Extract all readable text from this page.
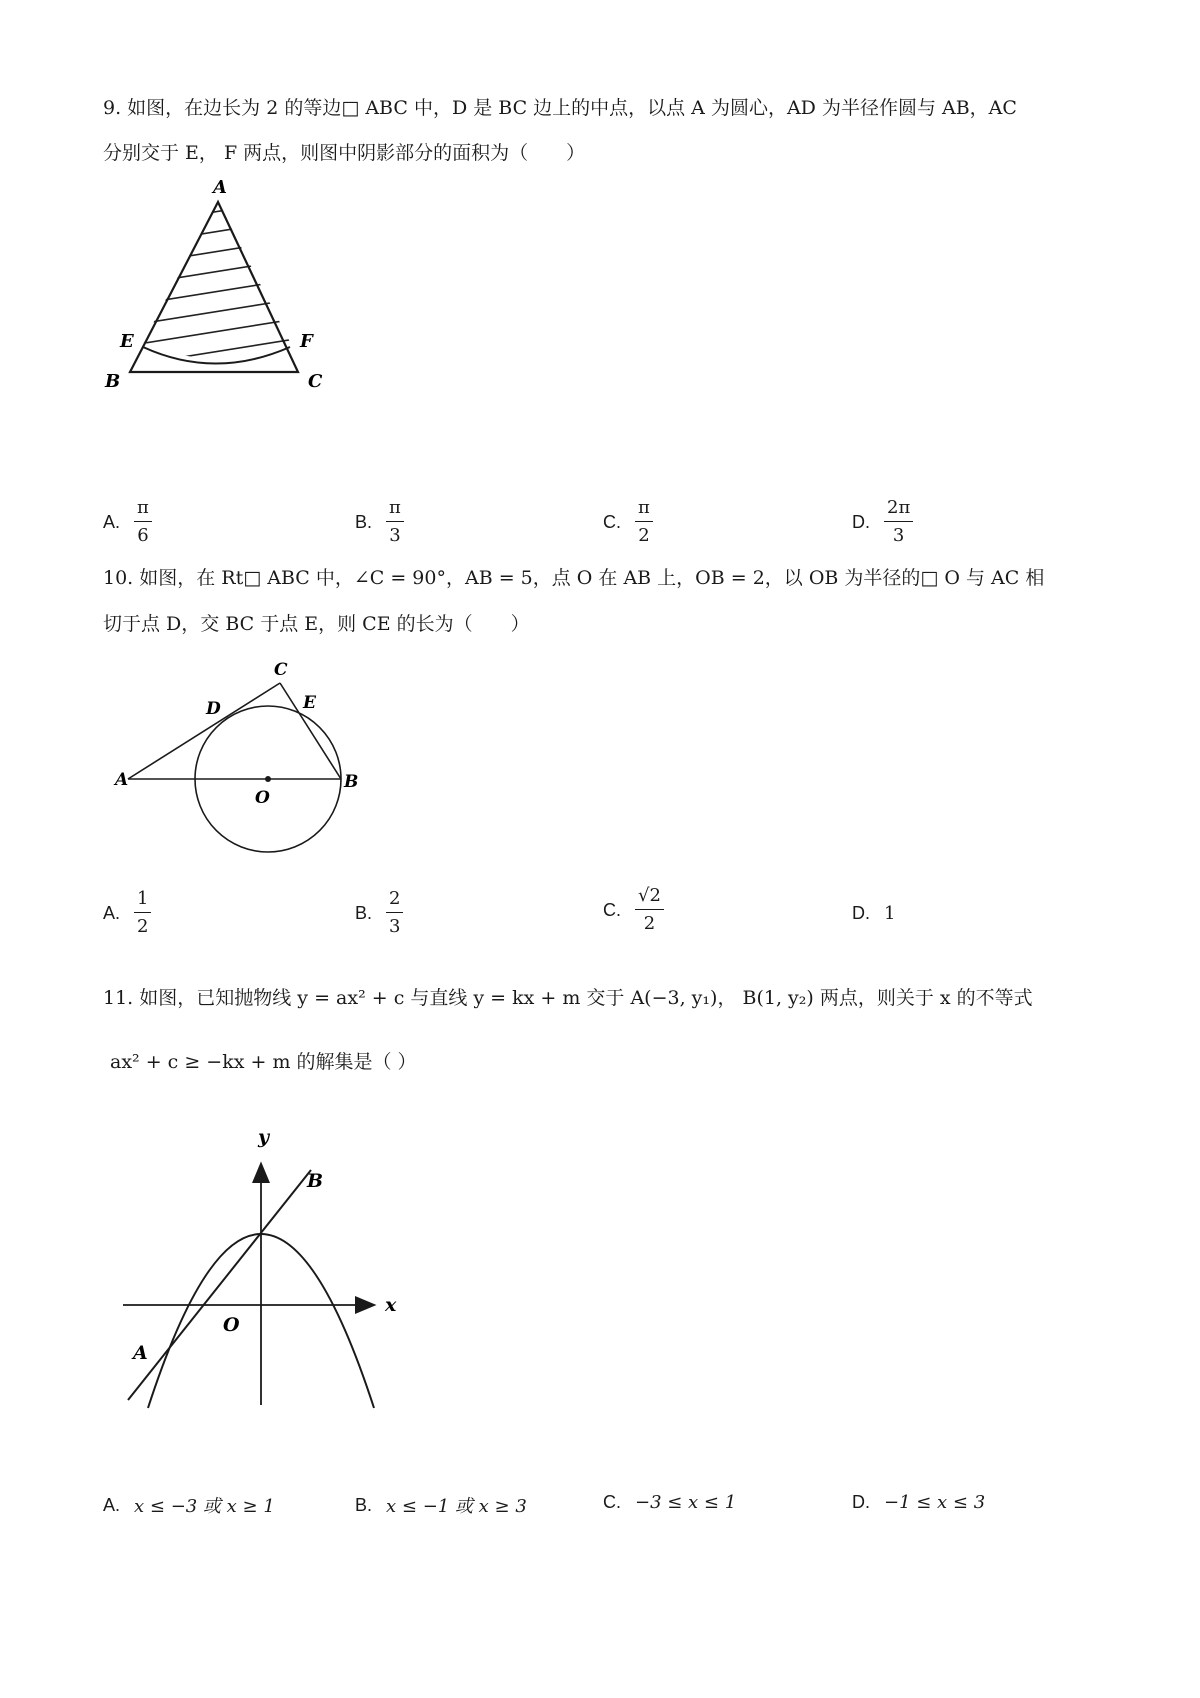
9. 如图，在边长为 2 的等边□ ABC 中，D 是 BC 边上的中点，以点 A 为圆心，AD 为半径作圆与 AB，AC
分别交于 E， F 两点，则图中阴影部分的面积为（　　）
A
E	F
B	C
A. $\frac{\pi}{6}$	B. $\frac{\pi}{3}$	C. $\frac{\pi}{2}$	D. $\frac{2\pi}{3}$
10. 如图，在 Rt□ ABC 中，∠C = 90°，AB = 5，点 O 在 AB 上，OB = 2，以 OB 为半径的□ O 与 AC 相
切于点 D，交 BC 于点 E，则 CE 的长为（　　）
C
D	E
A	B
O
A. $\frac{1}{2}$	B. $\frac{2}{3}$	C. $\frac{√2}{2}$	D. 1
11. 如图，已知抛物线 y = ax² + c 与直线 y = kx + m 交于 A(−3, y₁)， B(1, y₂) 两点，则关于 x 的不等式
ax² + c ≥ −kx + m 的解集是（ ）
y
x
O
A
B
A. x ≤ −3 或 x ≥ 1	B. x ≤ −1 或 x ≥ 3	C. −3 ≤ x ≤ 1	D. −1 ≤ x ≤ 3
